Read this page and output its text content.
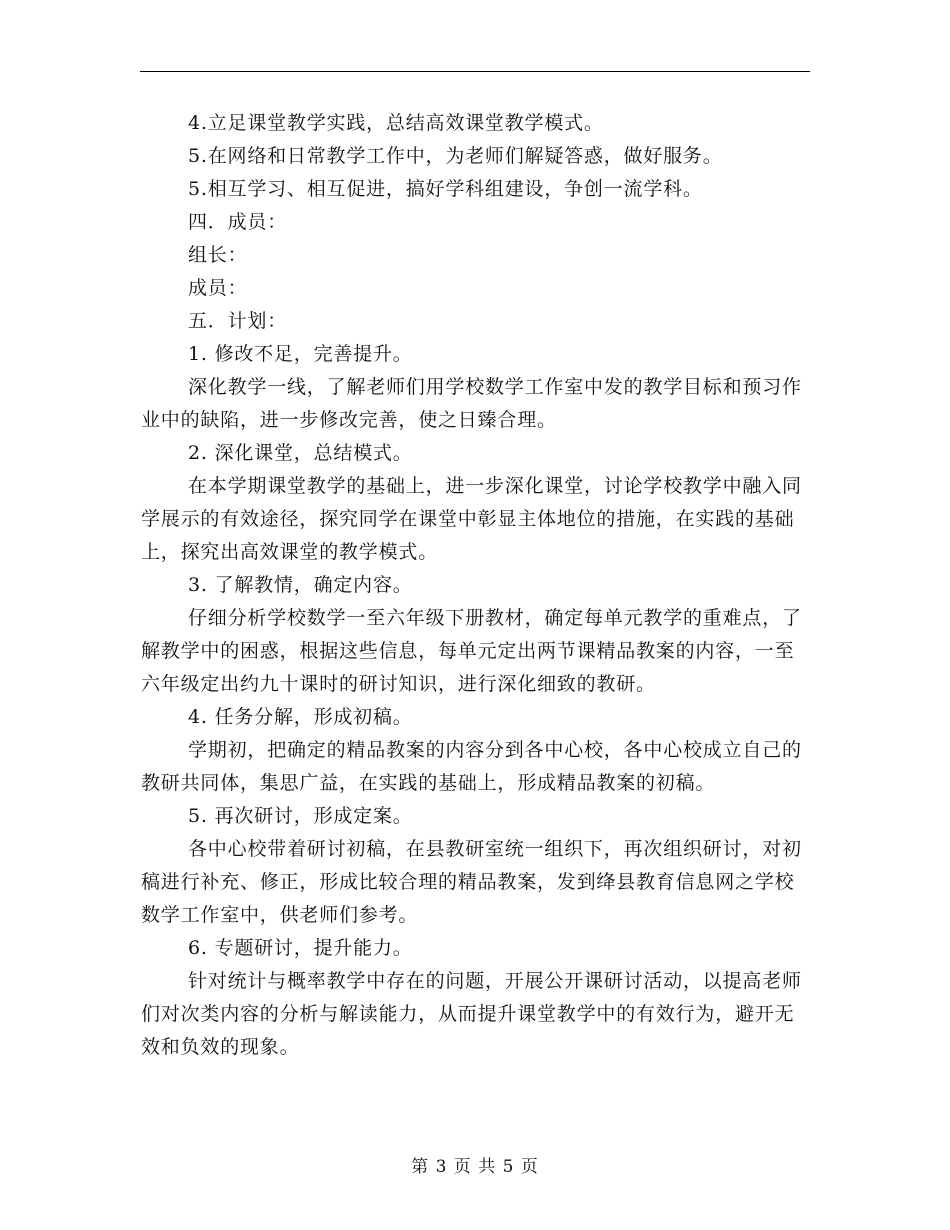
4.立足课堂教学实践，总结高效课堂教学模式。

5.在网络和日常教学工作中，为老师们解疑答惑，做好服务。

5.相互学习、相互促进，搞好学科组建设，争创一流学科。

四．成员：

组长：

成员：

五．计划：

1. 修改不足，完善提升。

深化教学一线，了解老师们用学校数学工作室中发的教学目标和预习作业中的缺陷，进一步修改完善，使之日臻合理。

2. 深化课堂，总结模式。

在本学期课堂教学的基础上，进一步深化课堂，讨论学校教学中融入同学展示的有效途径，探究同学在课堂中彰显主体地位的措施，在实践的基础上，探究出高效课堂的教学模式。

3. 了解教情，确定内容。

仔细分析学校数学一至六年级下册教材，确定每单元教学的重难点，了解教学中的困惑，根据这些信息，每单元定出两节课精品教案的内容，一至六年级定出约九十课时的研讨知识，进行深化细致的教研。

4. 任务分解，形成初稿。

学期初，把确定的精品教案的内容分到各中心校，各中心校成立自己的教研共同体，集思广益，在实践的基础上，形成精品教案的初稿。

5. 再次研讨，形成定案。

各中心校带着研讨初稿，在县教研室统一组织下，再次组织研讨，对初稿进行补充、修正，形成比较合理的精品教案，发到绛县教育信息网之学校数学工作室中，供老师们参考。

6. 专题研讨，提升能力。

针对统计与概率教学中存在的问题，开展公开课研讨活动，以提高老师们对次类内容的分析与解读能力，从而提升课堂教学中的有效行为，避开无效和负效的现象。

第 3 页 共 5 页
